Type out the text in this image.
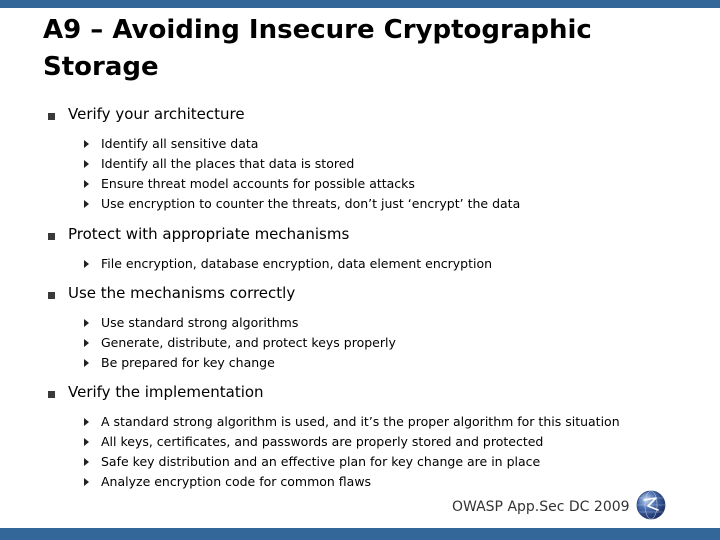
A9 – Avoiding Insecure Cryptographic Storage
Verify your architecture
Identify all sensitive data
Identify all the places that data is stored
Ensure threat model accounts for possible attacks
Use encryption to counter the threats, don’t just ‘encrypt’ the data
Protect with appropriate mechanisms
File encryption, database encryption, data element encryption
Use the mechanisms correctly
Use standard strong algorithms
Generate, distribute, and protect keys properly
Be prepared for key change
Verify the implementation
A standard strong algorithm is used, and it’s the proper algorithm for this situation
All keys, certificates, and passwords are properly stored and protected
Safe key distribution and an effective plan for key change are in place
Analyze encryption code for common flaws
OWASP App.Sec DC 2009
